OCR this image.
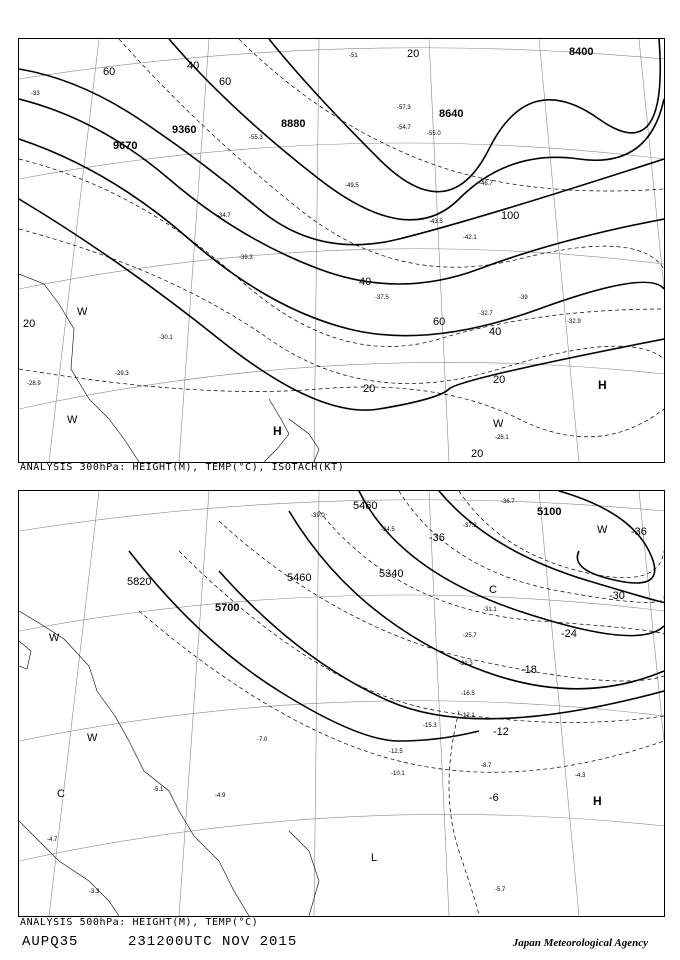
8400
8640
8880
9360
9670
20
40
60
60
100
40
60
20
20
20
20
40
H
H
W
W	W
-33
-39
-51
-57.3
-55.0
-54.7
-49.5	-46.7
-42.1
-37.5
-32.7
-32.9
-30.1
-29.3
-28.9
-28.1
-34.7
-43.5
-39.3
-55.3
ANALYSIS 300hPa: HEIGHT(M), TEMP(°C), ISOTACH(KT)
5100
5340
5460
5460
5700
5820
-36
-36
-30
-24
-18
-12
-6	H
L
C
C
W
W
W
-36.7
-34.5
-39.0
-37.3
-31.1
-25.7
-21.3
-16.5
-12.1
-12.5
-10.1
-8.7
-5.7
-4.3
-4.9
-5.1
-3.3
-4.7
-15.3
-7.0
ANALYSIS 500hPa: HEIGHT(M), TEMP(°C)
AUPQ35	231200UTC NOV 2015	Japan Meteorological Agency
